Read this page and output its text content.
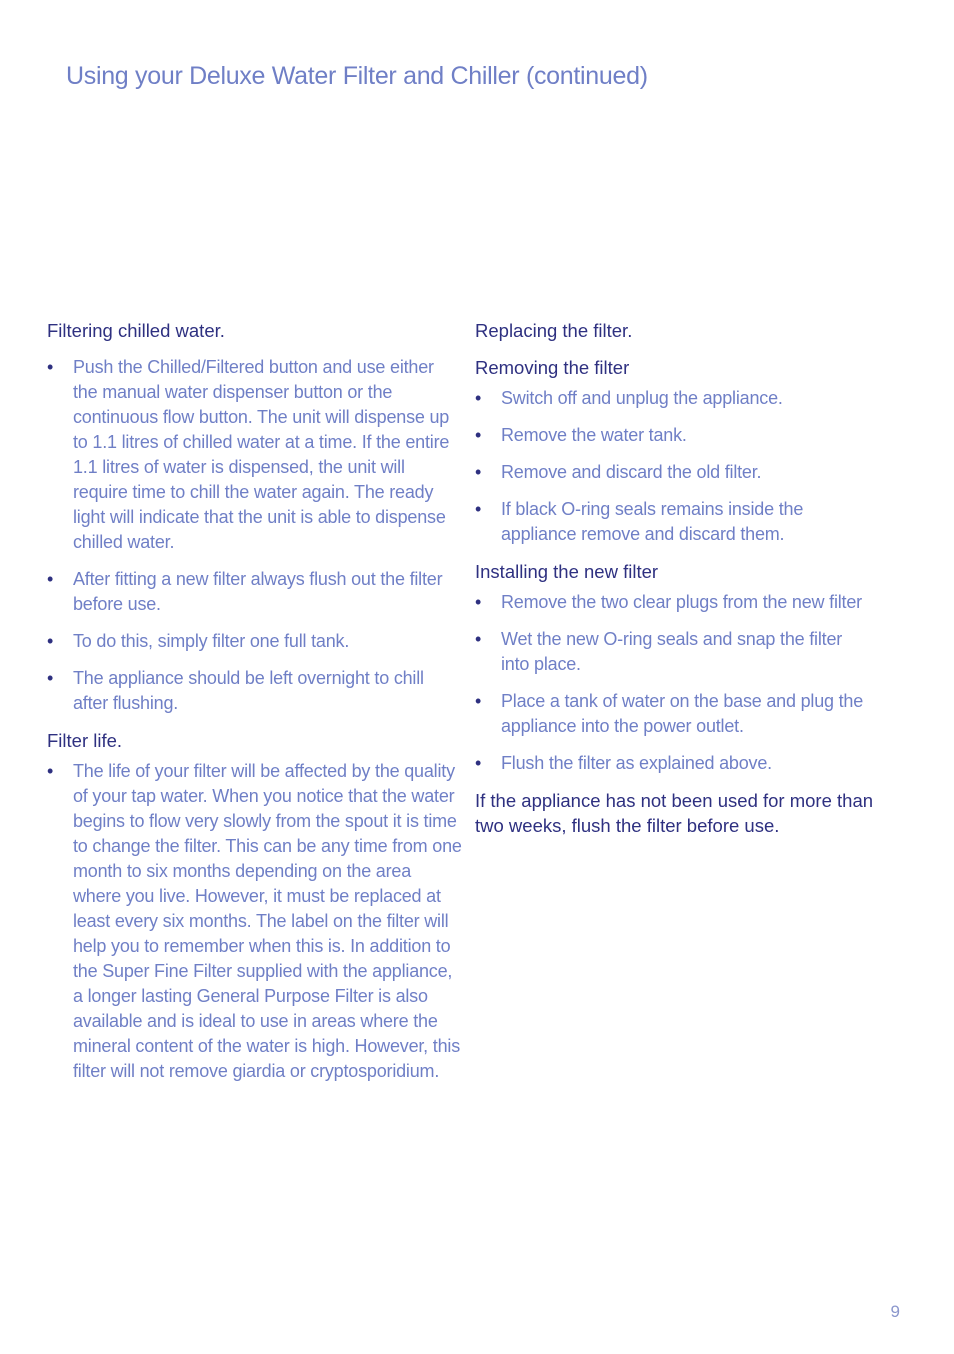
Using your Deluxe Water Filter and Chiller (continued)

Filtering chilled water.

• Push the Chilled/Filtered button and use either the manual water dispenser button or the continuous flow button. The unit will dispense up to 1.1 litres of chilled water at a time. If the entire 1.1 litres of water is dispensed, the unit will require time to chill the water again. The ready light will indicate that the unit is able to dispense chilled water.
• After fitting a new filter always flush out the filter before use.
• To do this, simply filter one full tank.
• The appliance should be left overnight to chill after flushing.

Filter life.

• The life of your filter will be affected by the quality of your tap water. When you notice that the water begins to flow very slowly from the spout it is time to change the filter. This can be any time from one month to six months depending on the area where you live. However, it must be replaced at least every six months. The label on the filter will help you to remember when this is. In addition to the Super Fine Filter supplied with the appliance, a longer lasting General Purpose Filter is also available and is ideal to use in areas where the mineral content of the water is high. However, this filter will not remove giardia or cryptosporidium.

Replacing the filter.

Removing the filter

• Switch off and unplug the appliance.
• Remove the water tank.
• Remove and discard the old filter.
• If black O-ring seals remains inside the appliance remove and discard them.

Installing the new filter

• Remove the two clear plugs from the new filter
• Wet the new O-ring seals and snap the filter into place.
• Place a tank of water on the base and plug the appliance into the power outlet.
• Flush the filter as explained above.

If the appliance has not been used for more than two weeks, flush the filter before use.

9
